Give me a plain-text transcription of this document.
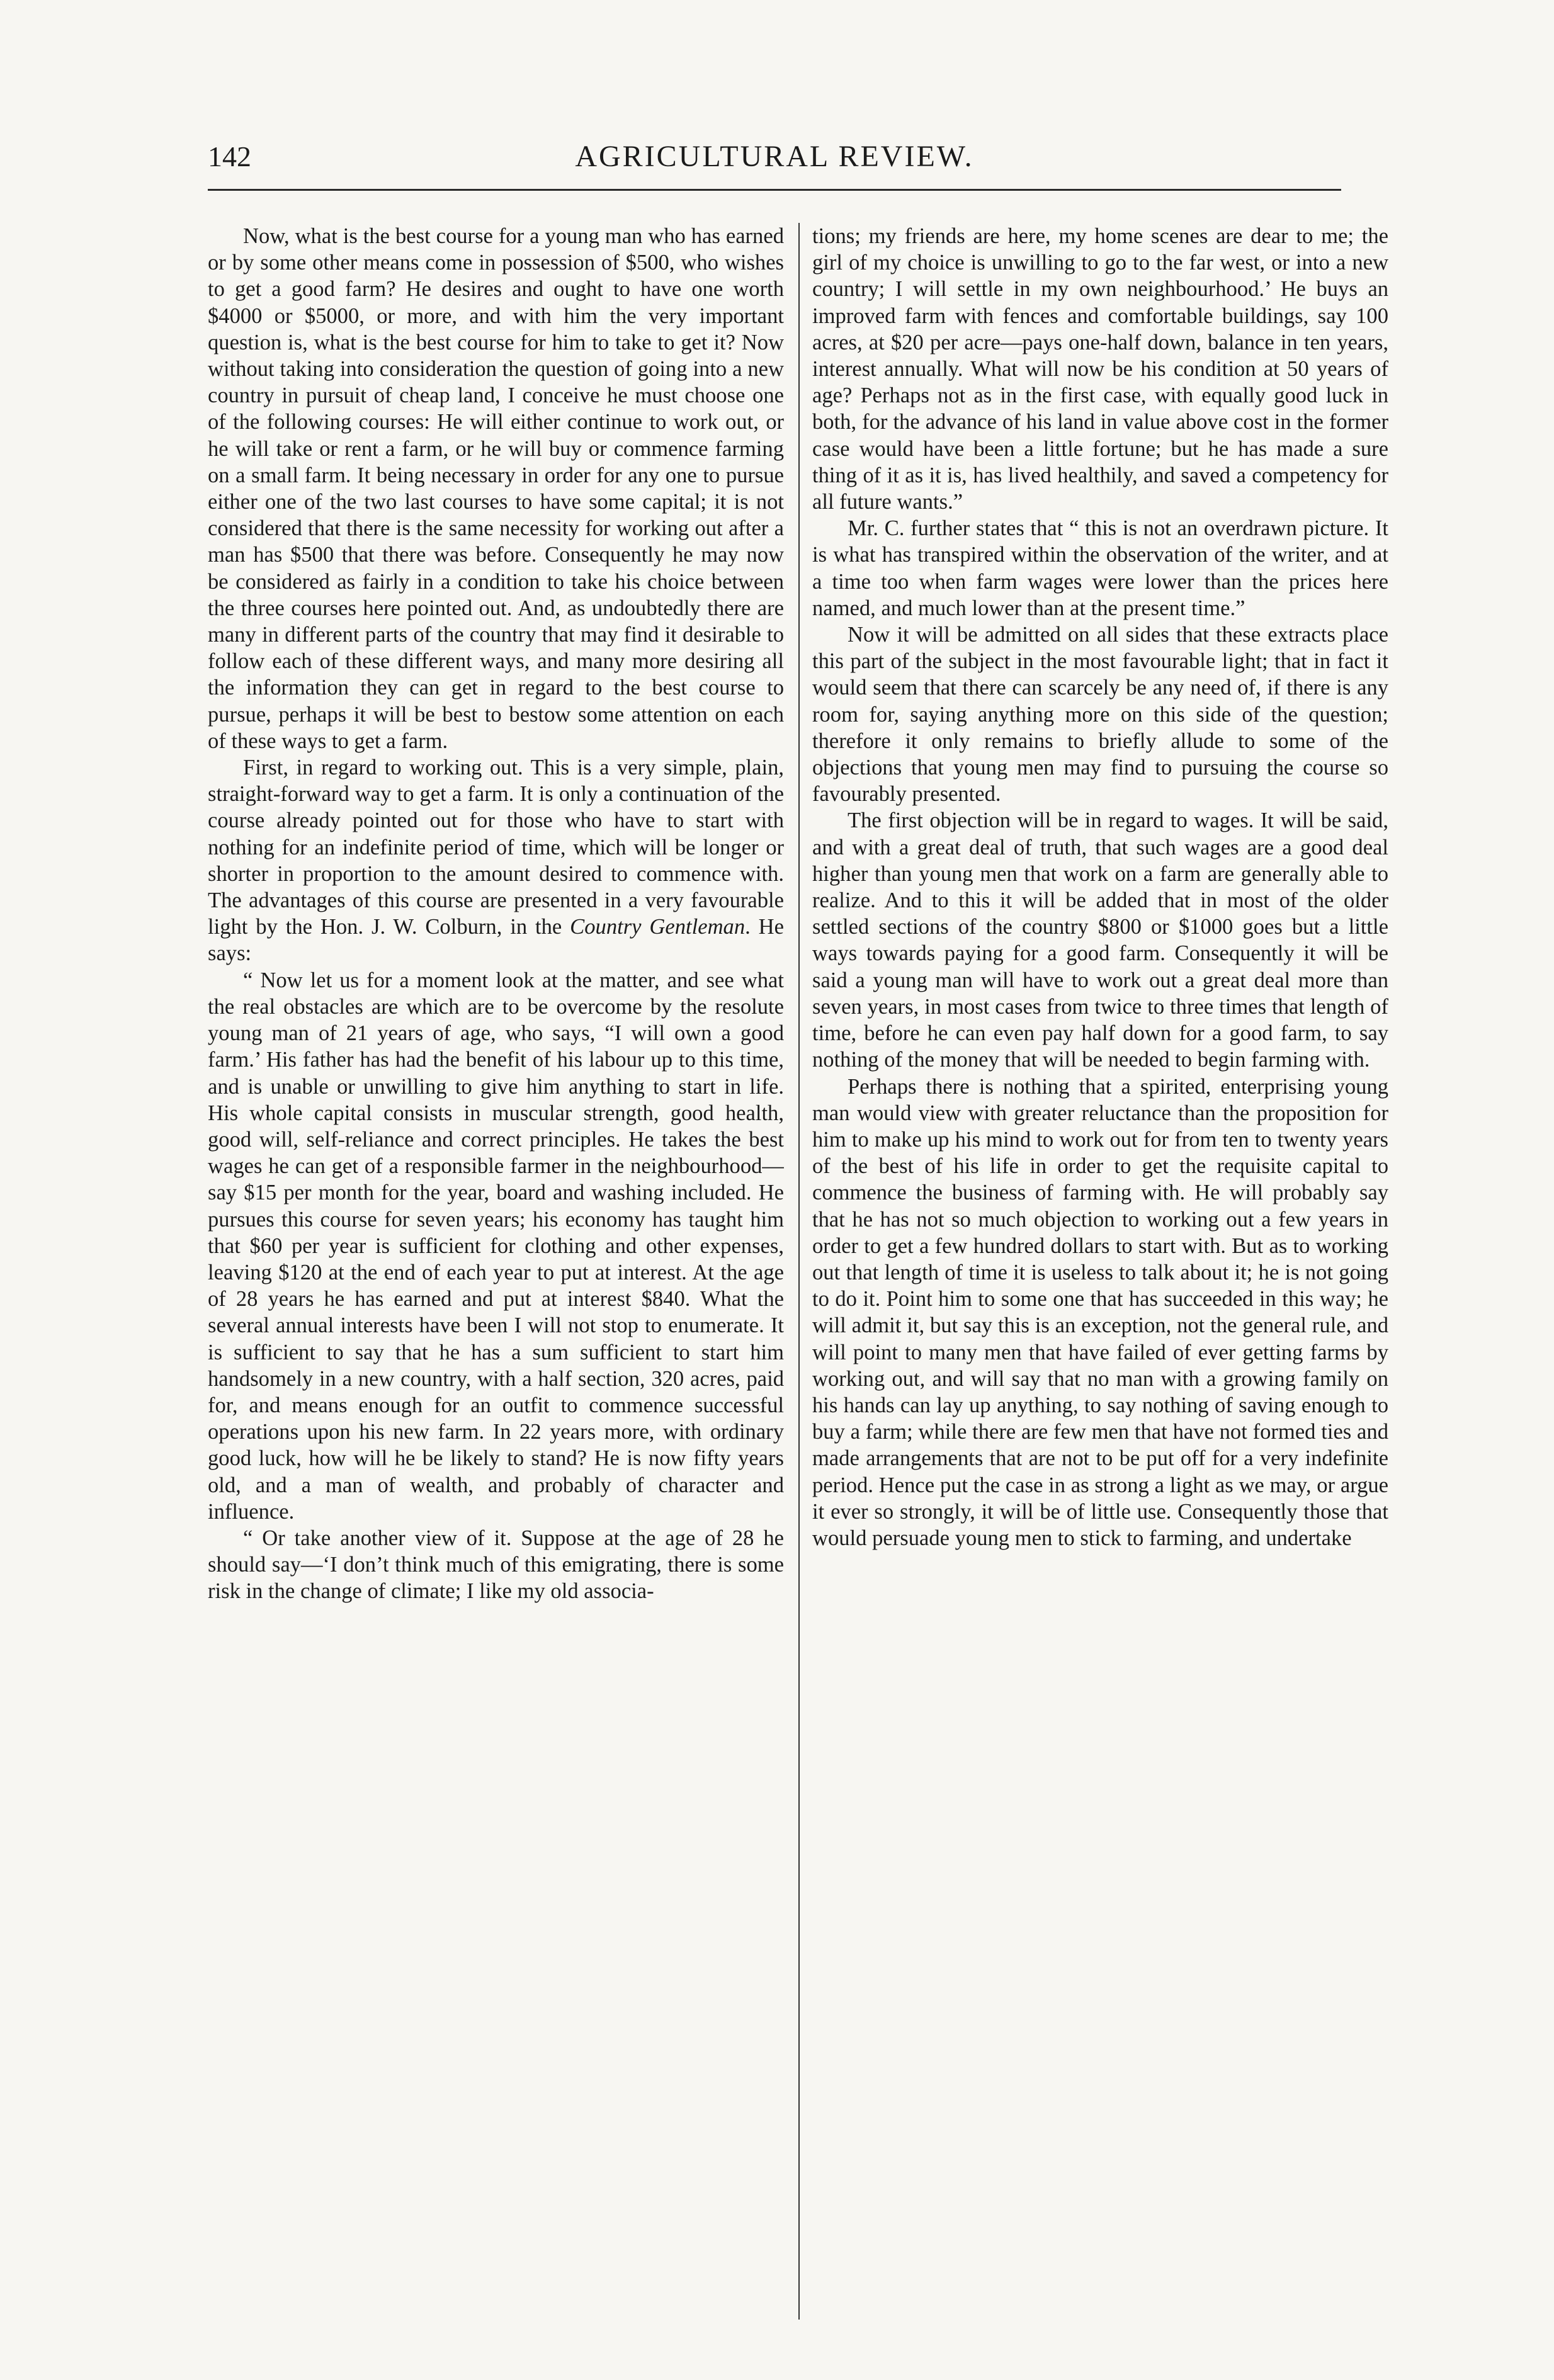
142	AGRICULTURAL REVIEW.

Now, what is the best course for a young man who has earned or by some other means come in possession of $500, who wishes to get a good farm? He desires and ought to have one worth $4000 or $5000, or more, and with him the very important question is, what is the best course for him to take to get it? Now without taking into consideration the question of going into a new country in pursuit of cheap land, I conceive he must choose one of the following courses: He will either continue to work out, or he will take or rent a farm, or he will buy or commence farming on a small farm. It being necessary in order for any one to pursue either one of the two last courses to have some capital; it is not considered that there is the same necessity for working out after a man has $500 that there was before. Consequently he may now be considered as fairly in a condition to take his choice between the three courses here pointed out. And, as undoubtedly there are many in different parts of the country that may find it desirable to follow each of these different ways, and many more desiring all the information they can get in regard to the best course to pursue, perhaps it will be best to bestow some attention on each of these ways to get a farm.

First, in regard to working out. This is a very simple, plain, straight-forward way to get a farm. It is only a continuation of the course already pointed out for those who have to start with nothing for an indefinite period of time, which will be longer or shorter in proportion to the amount desired to commence with. The advantages of this course are presented in a very favourable light by the Hon. J. W. Colburn, in the Country Gentleman. He says:

“ Now let us for a moment look at the matter, and see what the real obstacles are which are to be overcome by the resolute young man of 21 years of age, who says, “I will own a good farm.’ His father has had the benefit of his labour up to this time, and is unable or unwilling to give him anything to start in life. His whole capital consists in muscular strength, good health, good will, self-reliance and correct principles. He takes the best wages he can get of a responsible farmer in the neighbourhood—say $15 per month for the year, board and washing included. He pursues this course for seven years; his economy has taught him that $60 per year is sufficient for clothing and other expenses, leaving $120 at the end of each year to put at interest. At the age of 28 years he has earned and put at interest $840. What the several annual interests have been I will not stop to enumerate. It is sufficient to say that he has a sum sufficient to start him handsomely in a new country, with a half section, 320 acres, paid for, and means enough for an outfit to commence successful operations upon his new farm. In 22 years more, with ordinary good luck, how will he be likely to stand? He is now fifty years old, and a man of wealth, and probably of character and influence.

“ Or take another view of it. Suppose at the age of 28 he should say—‘I don’t think much of this emigrating, there is some risk in the change of climate; I like my old associa-

tions; my friends are here, my home scenes are dear to me; the girl of my choice is unwilling to go to the far west, or into a new country; I will settle in my own neighbourhood.’ He buys an improved farm with fences and comfortable buildings, say 100 acres, at $20 per acre—pays one-half down, balance in ten years, interest annually. What will now be his condition at 50 years of age? Perhaps not as in the first case, with equally good luck in both, for the advance of his land in value above cost in the former case would have been a little fortune; but he has made a sure thing of it as it is, has lived healthily, and saved a competency for all future wants.”

Mr. C. further states that “ this is not an overdrawn picture. It is what has transpired within the observation of the writer, and at a time too when farm wages were lower than the prices here named, and much lower than at the present time.”

Now it will be admitted on all sides that these extracts place this part of the subject in the most favourable light; that in fact it would seem that there can scarcely be any need of, if there is any room for, saying anything more on this side of the question; therefore it only remains to briefly allude to some of the objections that young men may find to pursuing the course so favourably presented.

The first objection will be in regard to wages. It will be said, and with a great deal of truth, that such wages are a good deal higher than young men that work on a farm are generally able to realize. And to this it will be added that in most of the older settled sections of the country $800 or $1000 goes but a little ways towards paying for a good farm. Consequently it will be said a young man will have to work out a great deal more than seven years, in most cases from twice to three times that length of time, before he can even pay half down for a good farm, to say nothing of the money that will be needed to begin farming with.

Perhaps there is nothing that a spirited, enterprising young man would view with greater reluctance than the proposition for him to make up his mind to work out for from ten to twenty years of the best of his life in order to get the requisite capital to commence the business of farming with. He will probably say that he has not so much objection to working out a few years in order to get a few hundred dollars to start with. But as to working out that length of time it is useless to talk about it; he is not going to do it. Point him to some one that has succeeded in this way; he will admit it, but say this is an exception, not the general rule, and will point to many men that have failed of ever getting farms by working out, and will say that no man with a growing family on his hands can lay up anything, to say nothing of saving enough to buy a farm; while there are few men that have not formed ties and made arrangements that are not to be put off for a very indefinite period. Hence put the case in as strong a light as we may, or argue it ever so strongly, it will be of little use. Consequently those that would persuade young men to stick to farming, and undertake
